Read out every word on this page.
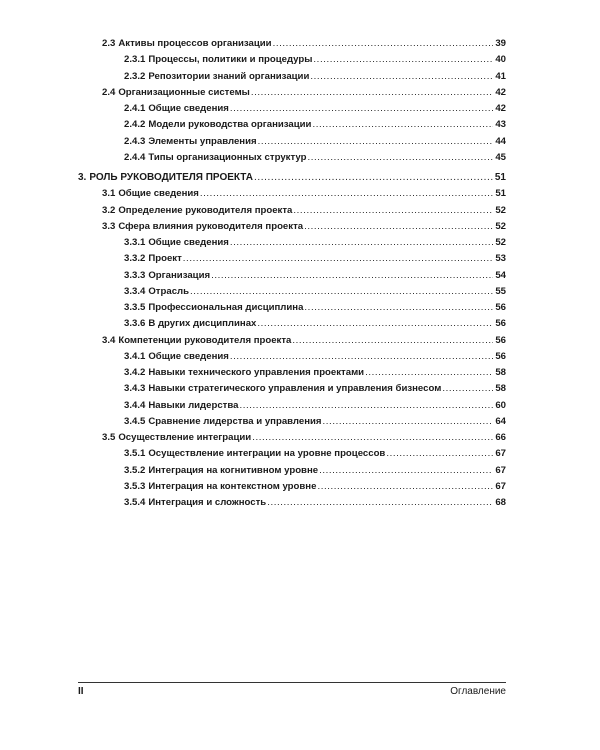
2.3 Активы процессов организации .....	39
2.3.1 Процессы, политики и процедуры .....	40
2.3.2 Репозитории знаний организации .....	41
2.4 Организационные системы .....	42
2.4.1 Общие сведения .....	42
2.4.2 Модели руководства организации .....	43
2.4.3 Элементы управления .....	44
2.4.4 Типы организационных структур .....	45
3. РОЛЬ РУКОВОДИТЕЛЯ ПРОЕКТА .....	51
3.1 Общие сведения .....	51
3.2 Определение руководителя проекта .....	52
3.3 Сфера влияния руководителя проекта .....	52
3.3.1 Общие сведения .....	52
3.3.2 Проект .....	53
3.3.3 Организация .....	54
3.3.4 Отрасль .....	55
3.3.5 Профессиональная дисциплина .....	56
3.3.6 В других дисциплинах .....	56
3.4 Компетенции руководителя проекта .....	56
3.4.1 Общие сведения .....	56
3.4.2 Навыки технического управления проектами .....	58
3.4.3 Навыки стратегического управления и управления бизнесом .....	58
3.4.4 Навыки лидерства .....	60
3.4.5 Сравнение лидерства и управления .....	64
3.5 Осуществление интеграции .....	66
3.5.1 Осуществление интеграции на уровне процессов .....	67
3.5.2 Интеграция на когнитивном уровне .....	67
3.5.3 Интеграция на контекстном уровне .....	67
3.5.4 Интеграция и сложность .....	68
II	Оглавление
